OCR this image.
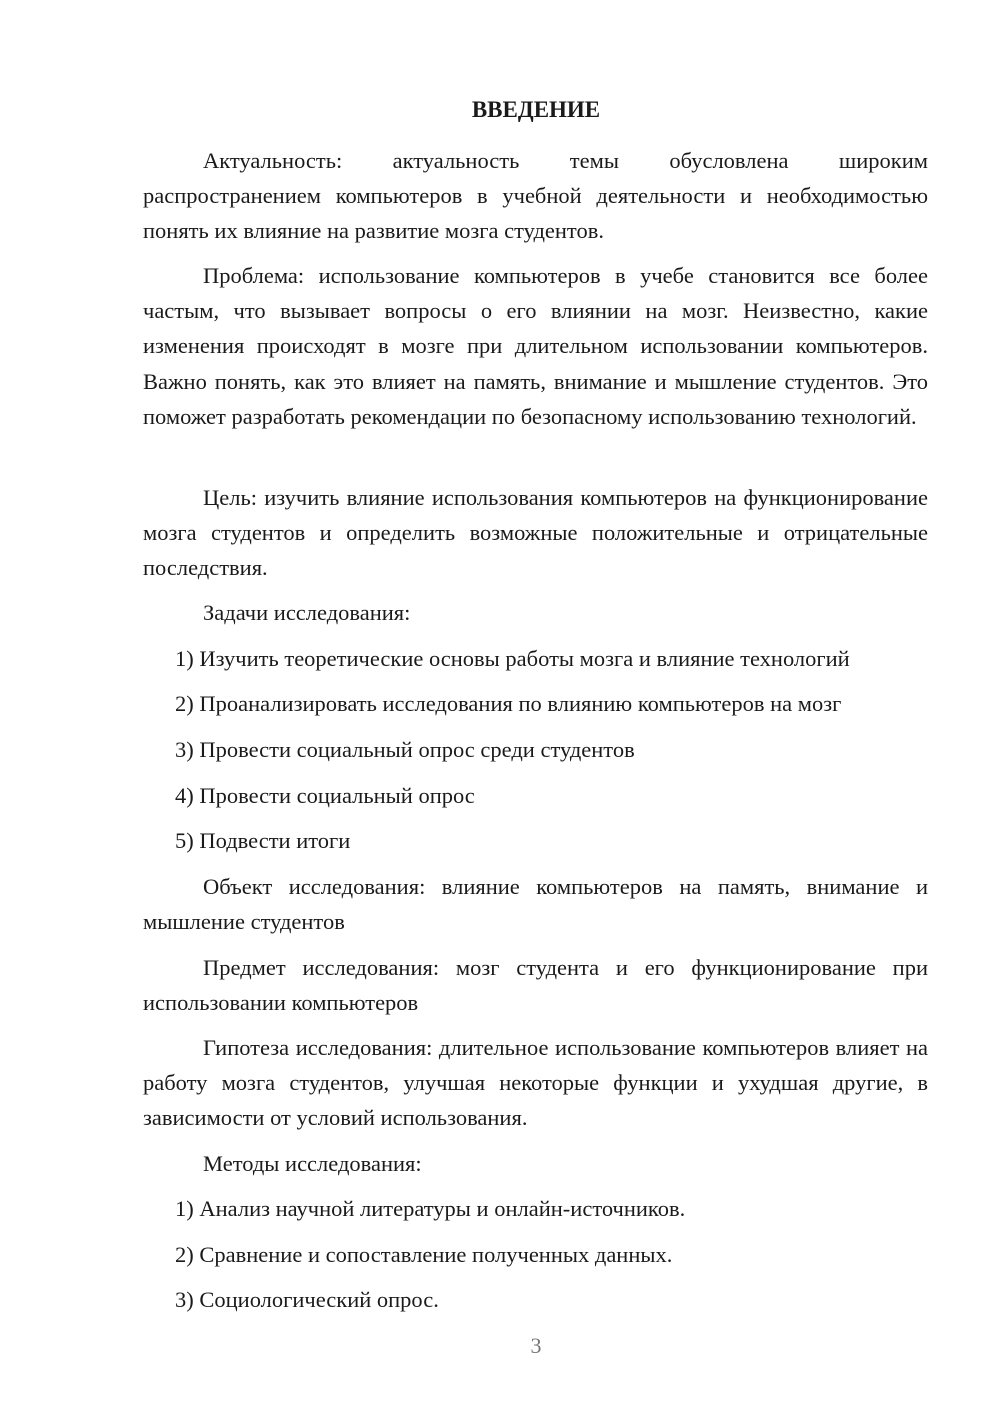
ВВЕДЕНИЕ

Актуальность: актуальность темы обусловлена широким распространением компьютеров в учебной деятельности и необходимостью понять их влияние на развитие мозга студентов.

Проблема: использование компьютеров в учебе становится все более частым, что вызывает вопросы о его влиянии на мозг. Неизвестно, какие изменения происходят в мозге при длительном использовании компьютеров. Важно понять, как это влияет на память, внимание и мышление студентов. Это поможет разработать рекомендации по безопасному использованию технологий.

Цель: изучить влияние использования компьютеров на функционирование мозга студентов и определить возможные положительные и отрицательные последствия.

Задачи исследования:

1) Изучить теоретические основы работы мозга и влияние технологий

2) Проанализировать исследования по влиянию компьютеров на мозг

3) Провести социальный опрос среди студентов

4) Провести социальный опрос

5) Подвести итоги

Объект исследования: влияние компьютеров на память, внимание и мышление студентов

Предмет исследования: мозг студента и его функционирование при использовании компьютеров

Гипотеза исследования: длительное использование компьютеров влияет на работу мозга студентов, улучшая некоторые функции и ухудшая другие, в зависимости от условий использования.

Методы исследования:

1) Анализ научной литературы и онлайн-источников.

2) Сравнение и сопоставление полученных данных.

3) Социологический опрос.

3
